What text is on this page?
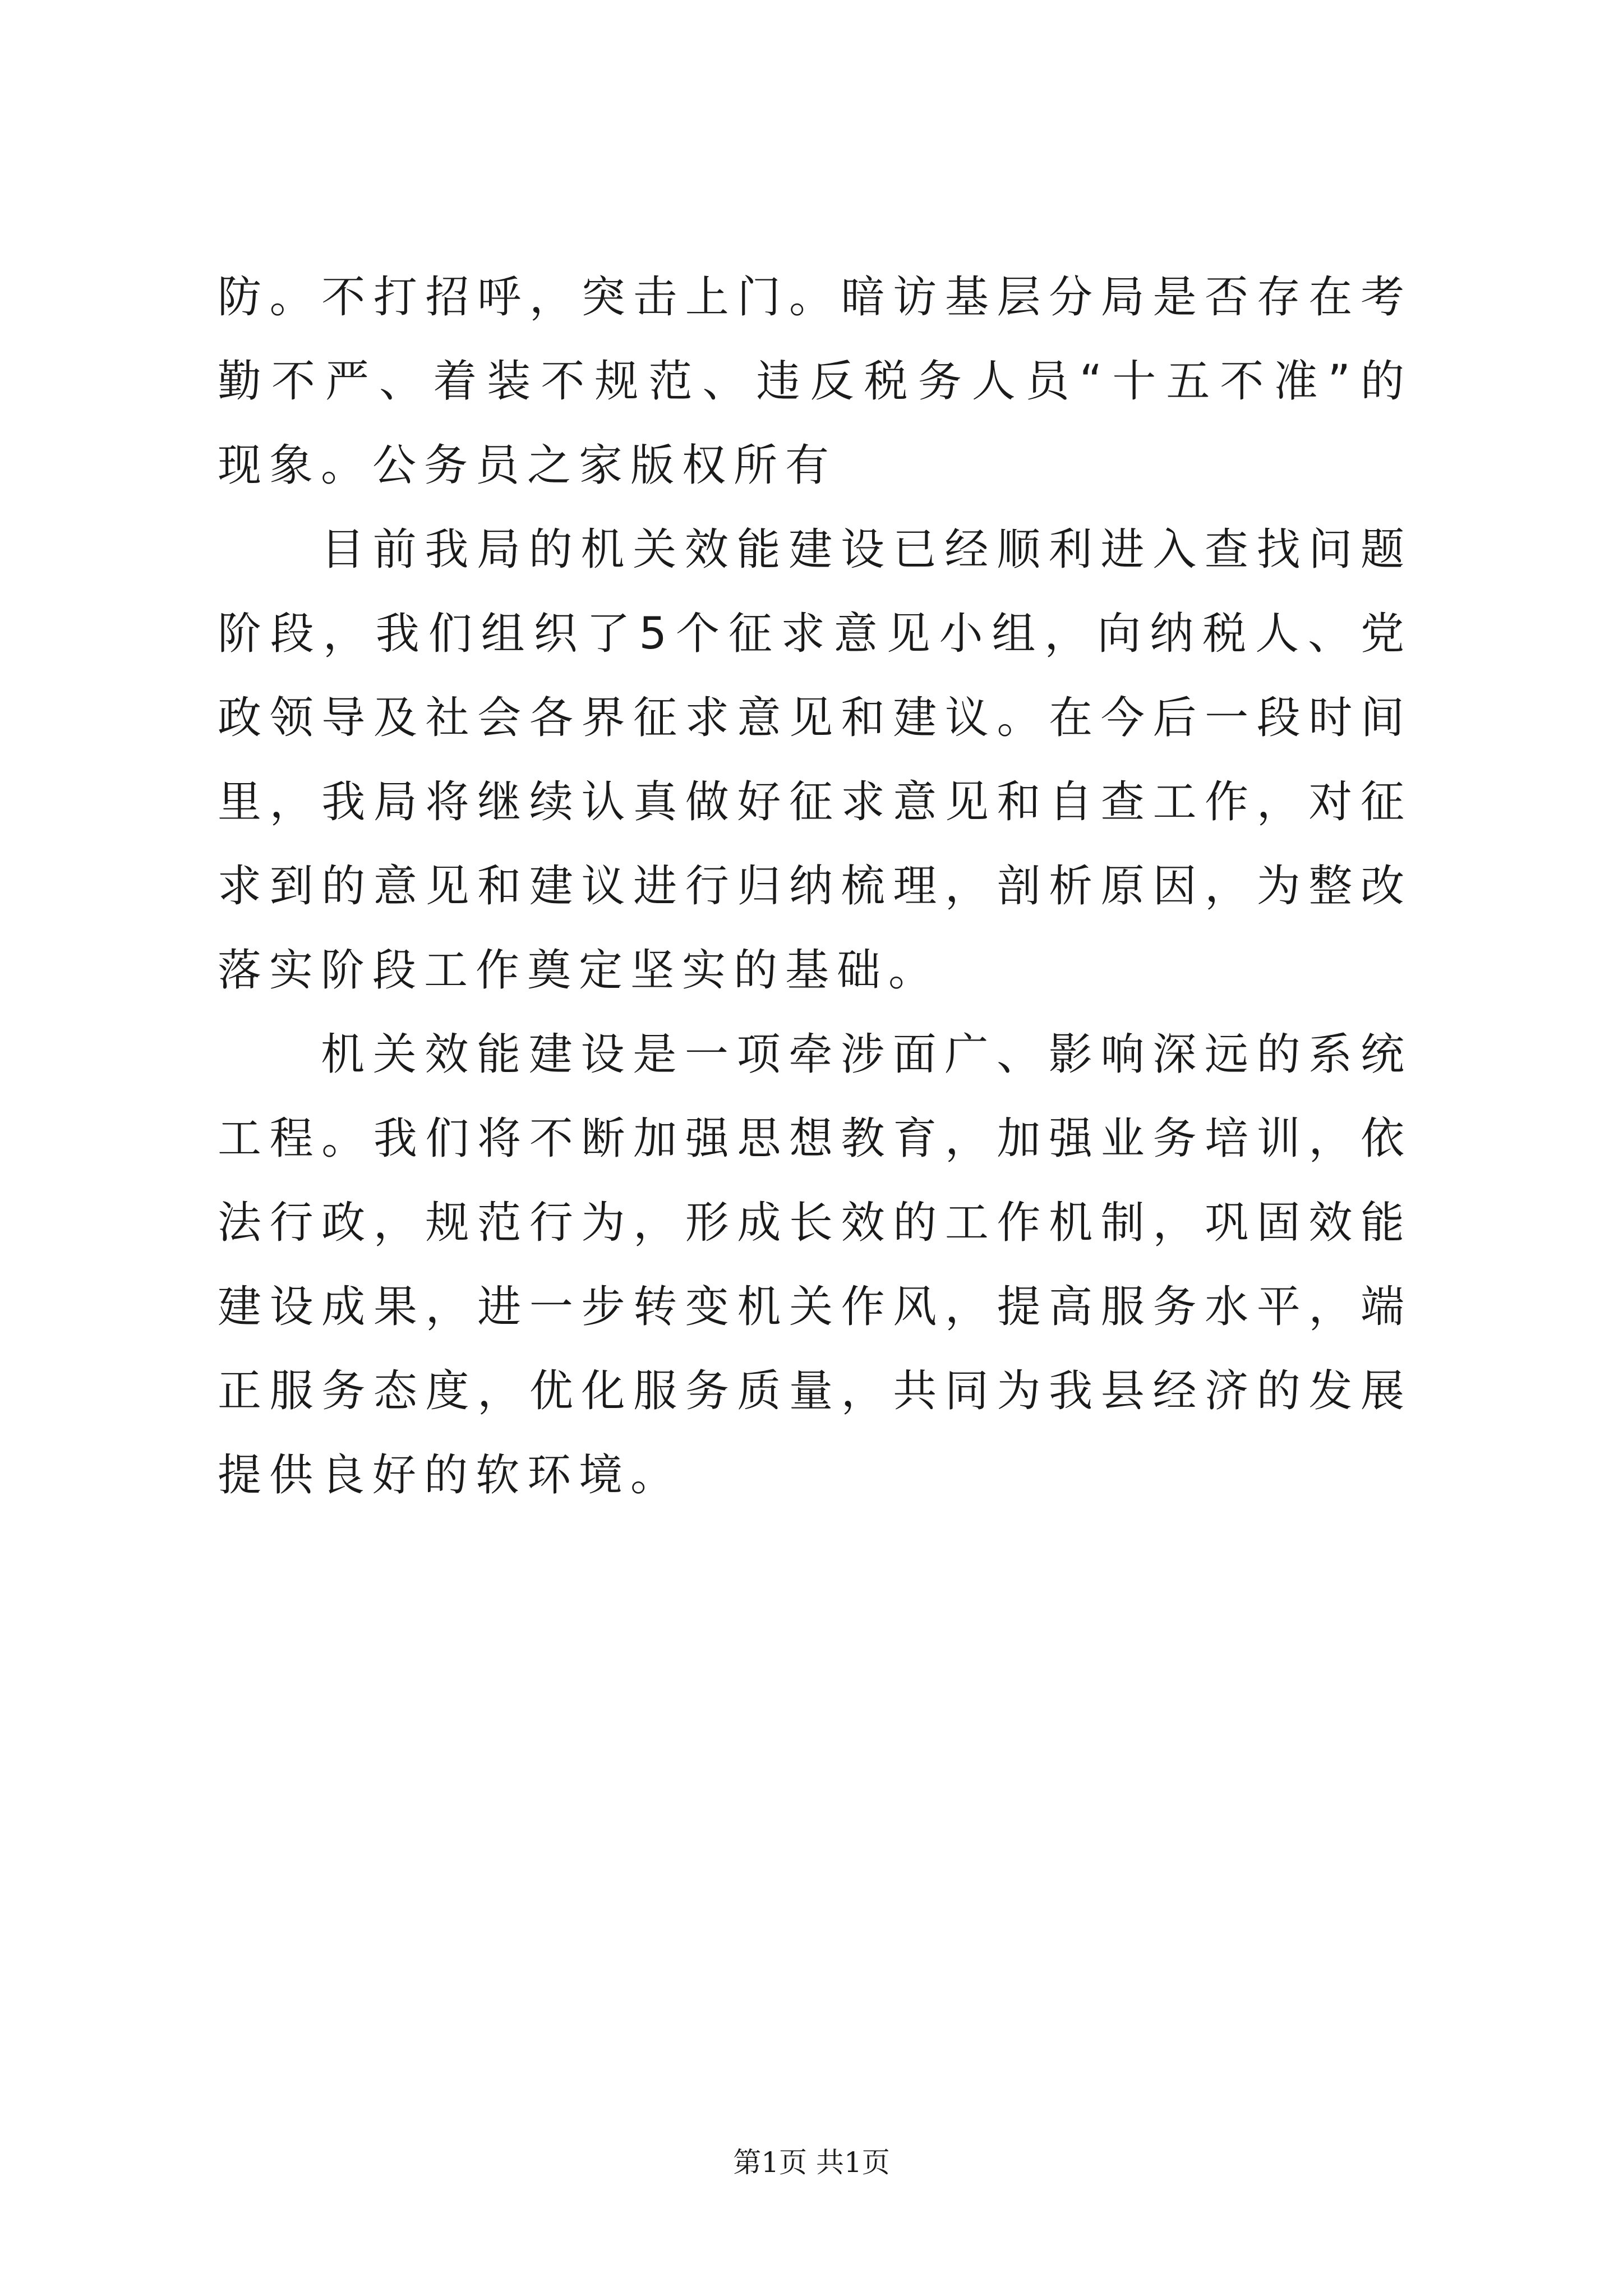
防。不打招呼，突击上门。暗访基层分局是否存在考勤不严、着装不规范、违反税务人员“十五不准”的现象。公务员之家版权所有

目前我局的机关效能建设已经顺利进入查找问题阶段，我们组织了5个征求意见小组，向纳税人、党政领导及社会各界征求意见和建议。在今后一段时间里，我局将继续认真做好征求意见和自查工作，对征求到的意见和建议进行归纳梳理，剖析原因，为整改落实阶段工作奠定坚实的基础。

机关效能建设是一项牵涉面广、影响深远的系统工程。我们将不断加强思想教育，加强业务培训，依法行政，规范行为，形成长效的工作机制，巩固效能建设成果，进一步转变机关作风，提高服务水平，端正服务态度，优化服务质量，共同为我县经济的发展提供良好的软环境。

第1页 共1页
